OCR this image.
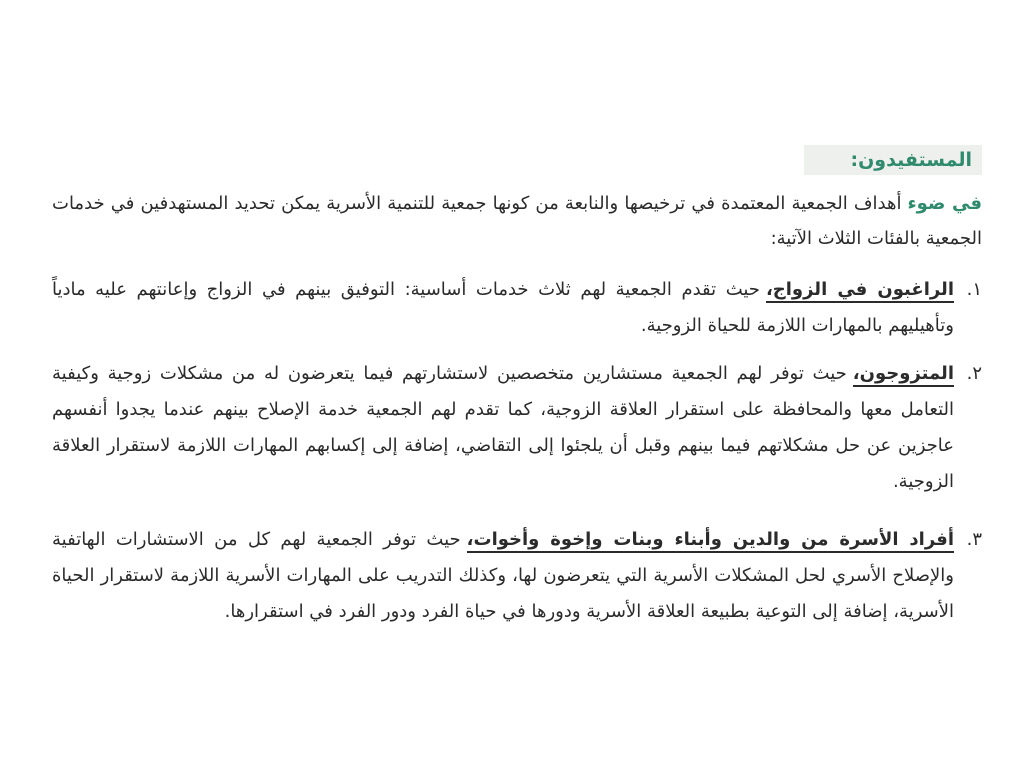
المستفيدون:

في ضوءأهداف الجمعية المعتمدة في ترخيصها والنابعة من كونها جمعية للتنمية الأسرية يمكن تحديد المستهدفين في خدمات الجمعية بالفئات الثلاث الآتية:

١.
الراغبون في الزواج،حيث تقدم الجمعية لهم ثلاث خدمات أساسية: التوفيق بينهم في الزواج وإعانتهم عليه مادياً وتأهيليهم بالمهارات اللازمة للحياة الزوجية.
٢.
المتزوجون،حيث توفر لهم الجمعية مستشارين متخصصين لاستشارتهم فيما يتعرضون له من مشكلات زوجية وكيفية التعامل معها والمحافظة على استقرار العلاقة الزوجية، كما تقدم لهم الجمعية خدمة الإصلاح بينهم عندما يجدوا أنفسهم عاجزين عن حل مشكلاتهم فيما بينهم وقبل أن يلجئوا إلى التقاضي، إضافة إلى إكسابهم المهارات اللازمة لاستقرار العلاقة الزوجية.
٣.
أفراد الأسرة من والدين وأبناء وبنات وإخوة وأخوات،حيث توفر الجمعية لهم كل من الاستشارات الهاتفية والإصلاح الأسري لحل المشكلات الأسرية التي يتعرضون لها، وكذلك التدريب على المهارات الأسرية اللازمة لاستقرار الحياة الأسرية، إضافة إلى التوعية بطبيعة العلاقة الأسرية ودورها في حياة الفرد ودور الفرد في استقرارها.
